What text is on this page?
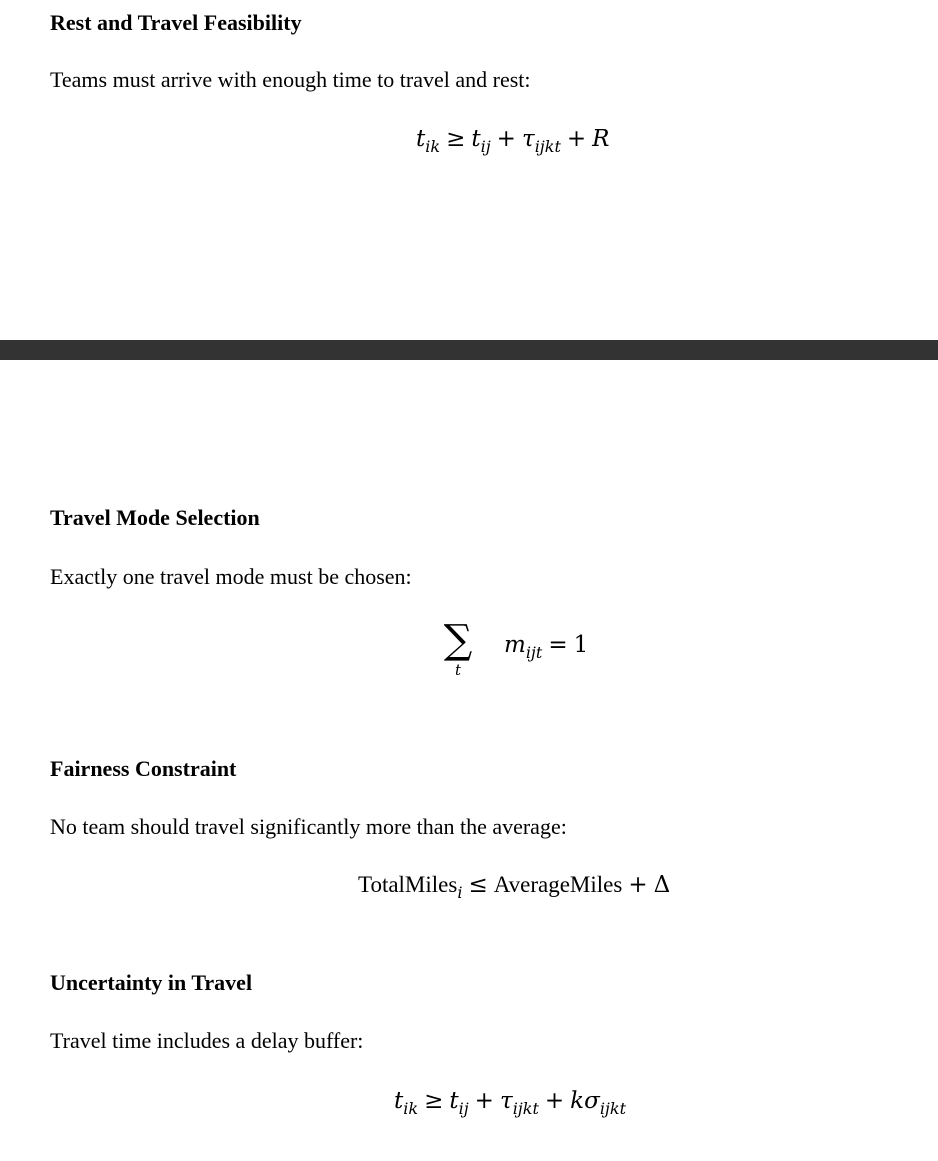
Rest and Travel Feasibility
Teams must arrive with enough time to travel and rest:
$t_{ik} \ge t_{ij} + \tau_{ijkt} + R$
Travel Mode Selection
Exactly one travel mode must be chosen:
∑
t
$m_{ijt} = 1$
Fairness Constraint
No team should travel significantly more than the average:
TotalMiles$_i$ ≤ AverageMiles + Δ
Uncertainty in Travel
Travel time includes a delay buffer:
$t_{ik} \ge t_{ij} + \tau_{ijkt} + k\sigma_{ijkt}$
